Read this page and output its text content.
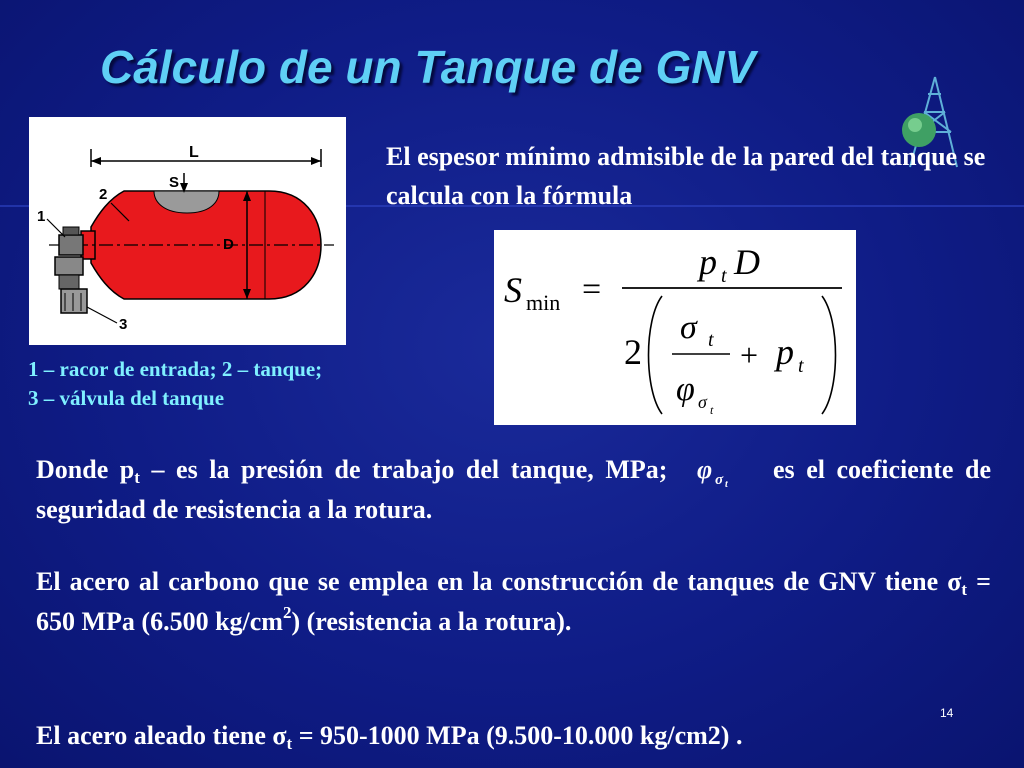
Cálculo de un Tanque de GNV
L
S
D
1
2
3
1 – racor de entrada; 2 – tanque;
3 – válvula del tanque
El espesor mínimo admisible de la pared del tanque se calcula con la fórmula
S min =
p t D
2
σ t
φ σ t
+ p t

Donde $p_t$ – es la presión de trabajo del tanque, MPa; φ σ t
es el coeficiente de seguridad de resistencia a la rotura.

El acero al carbono que se emplea en la construcción de tanques de GNV tiene $\sigma_t = 650$ MPa (6.500 $kg/cm^2$) (resistencia a la rotura).

14

El acero aleado tiene $\sigma_t = 950-1000$ MPa (9.500-10.000 kg/cm2) .
